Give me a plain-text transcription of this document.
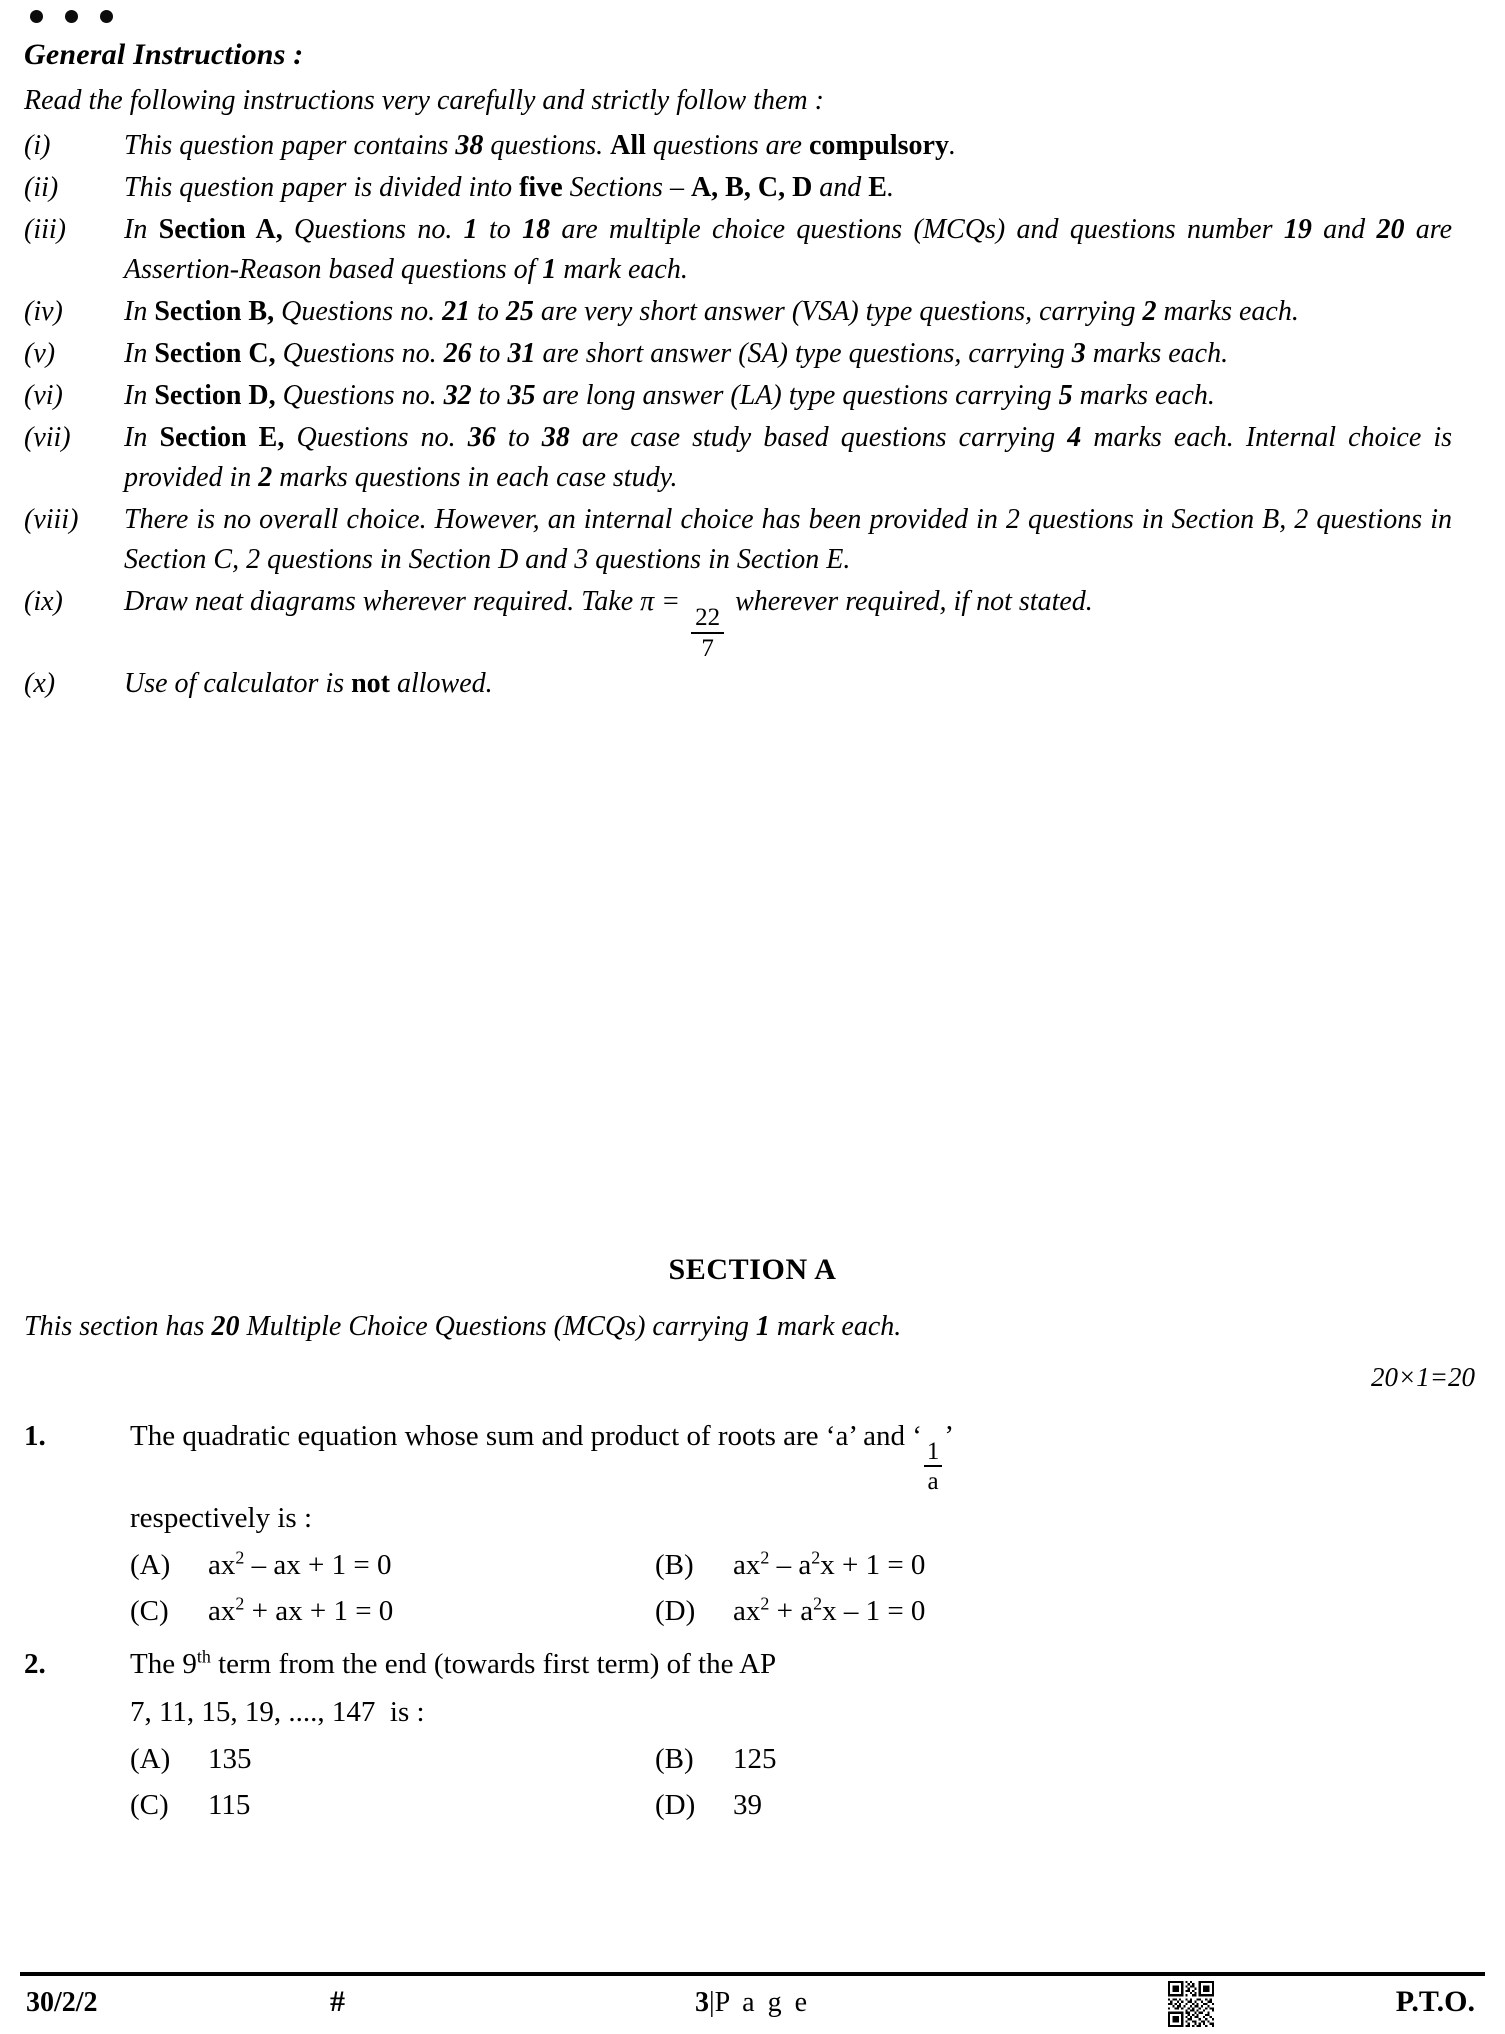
General Instructions :
Read the following instructions very carefully and strictly follow them :
(i)	This question paper contains 38 questions. All questions are compulsory.
(ii)	This question paper is divided into five Sections – A, B, C, D and E.
(iii)	In Section A, Questions no. 1 to 18 are multiple choice questions (MCQs) and questions number 19 and 20 are Assertion-Reason based questions of 1 mark each.
(iv)	In Section B, Questions no. 21 to 25 are very short answer (VSA) type questions, carrying 2 marks each.
(v)	In Section C, Questions no. 26 to 31 are short answer (SA) type questions, carrying 3 marks each.
(vi)	In Section D, Questions no. 32 to 35 are long answer (LA) type questions carrying 5 marks each.
(vii)	In Section E, Questions no. 36 to 38 are case study based questions carrying 4 marks each. Internal choice is provided in 2 marks questions in each case study.
(viii)	There is no overall choice. However, an internal choice has been provided in 2 questions in Section B, 2 questions in Section C, 2 questions in Section D and 3 questions in Section E.
(ix)	Draw neat diagrams wherever required. Take π =
$\frac{22}{7}$
wherever required, if not stated.
(x)	Use of calculator is not allowed.
SECTION A
This section has 20 Multiple Choice Questions (MCQs) carrying 1 mark each.
20×1=20
1.	The quadratic equation whose sum and product of roots are ‘a’ and ‘
$\frac{1}{a}$
’
respectively is :
(A)	$ax^2$ – ax + 1 = 0	(B)	$ax^2 - a^2x + 1 = 0$
(C)	$ax^2$ + ax + 1 = 0	(D)	$ax^2 + a^2x - 1 = 0$
2.	The 9th term from the end (towards first term) of the AP
7, 11, 15, 19, ...., 147  is :
(A)	135	(B)	125
(C)	115	(D)	39
30/2/2	#	3|P a g e	P.T.O.
